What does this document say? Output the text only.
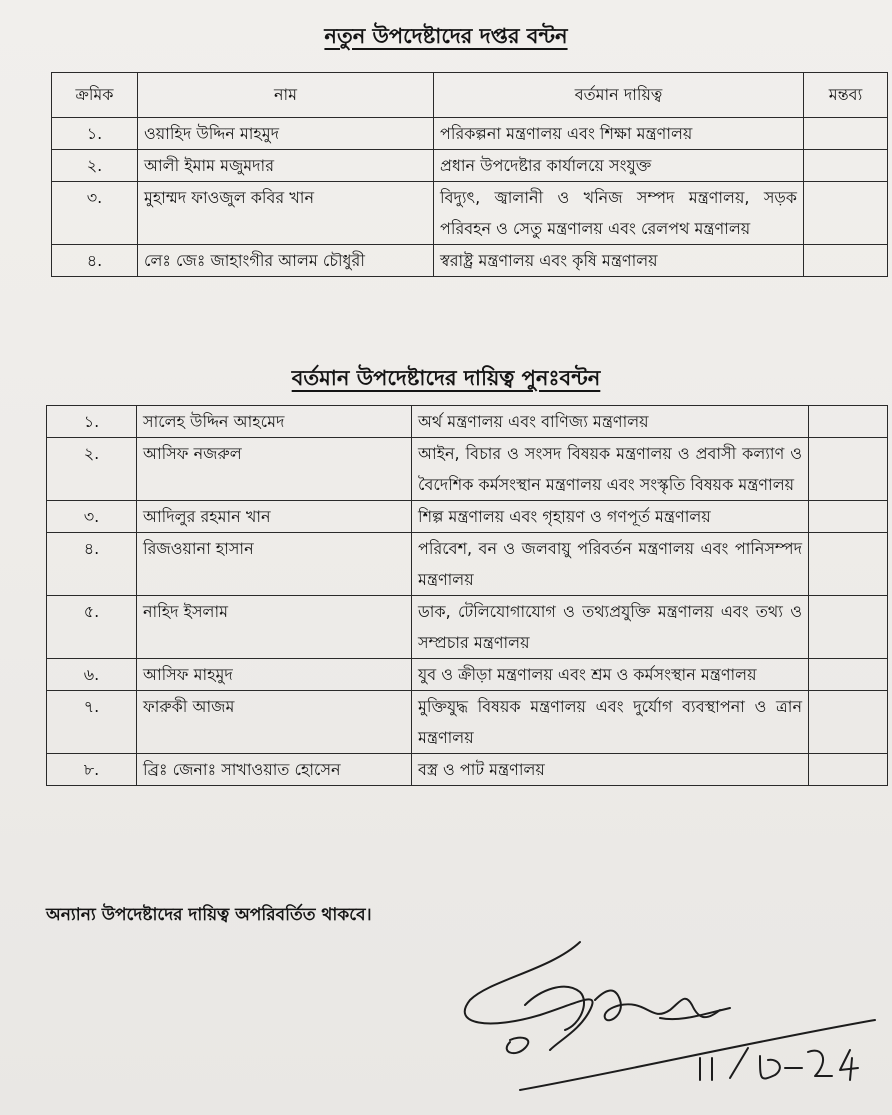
নতুন উপদেষ্টাদের দপ্তর বন্টন
ক্রমিক	নাম	বর্তমান দায়িত্ব	মন্তব্য
১.	ওয়াহিদ উদ্দিন মাহমুদ	পরিকল্পনা মন্ত্রণালয় এবং শিক্ষা মন্ত্রণালয়	
২.	আলী ইমাম মজুমদার	প্রধান উপদেষ্টার কার্যালয়ে সংযুক্ত	
৩.	মুহাম্মদ ফাওজুল কবির খান	বিদ্যুৎ, জ্বালানী ও খনিজ সম্পদ মন্ত্রণালয়, সড়ক পরিবহন ও সেতু মন্ত্রণালয় এবং রেলপথ মন্ত্রণালয়	
৪.	লেঃ জেঃ জাহাংগীর আলম চৌধুরী	স্বরাষ্ট্র মন্ত্রণালয় এবং কৃষি মন্ত্রণালয়	
বর্তমান উপদেষ্টাদের দায়িত্ব পুনঃবন্টন
১.	সালেহ উদ্দিন আহমেদ	অর্থ মন্ত্রণালয় এবং বাণিজ্য মন্ত্রণালয়	
২.	আসিফ নজরুল	আইন, বিচার ও সংসদ বিষয়ক মন্ত্রণালয় ও প্রবাসী কল্যাণ ও বৈদেশিক কর্মসংস্থান মন্ত্রণালয় এবং সংস্কৃতি বিষয়ক মন্ত্রণালয়	
৩.	আদিলুর রহমান খান	শিল্প মন্ত্রণালয় এবং গৃহায়ণ ও গণপূর্ত মন্ত্রণালয়	
৪.	রিজওয়ানা হাসান	পরিবেশ, বন ও জলবায়ু পরিবর্তন মন্ত্রণালয় এবং পানিসম্পদ মন্ত্রণালয়	
৫.	নাহিদ ইসলাম	ডাক, টেলিযোগাযোগ ও তথ্যপ্রযুক্তি মন্ত্রণালয় এবং তথ্য ও সম্প্রচার মন্ত্রণালয়	
৬.	আসিফ মাহমুদ	যুব ও ক্রীড়া মন্ত্রণালয় এবং শ্রম ও কর্মসংস্থান মন্ত্রণালয়	
৭.	ফারুকী আজম	মুক্তিযুদ্ধ বিষয়ক মন্ত্রণালয় এবং দুর্যোগ ব্যবস্থাপনা ও ত্রান মন্ত্রণালয়	
৮.	ব্রিঃ জেনাঃ সাখাওয়াত হোসেন	বস্ত্র ও পাট মন্ত্রণালয়	
অন্যান্য উপদেষ্টাদের দায়িত্ব অপরিবর্তিত থাকবে।
